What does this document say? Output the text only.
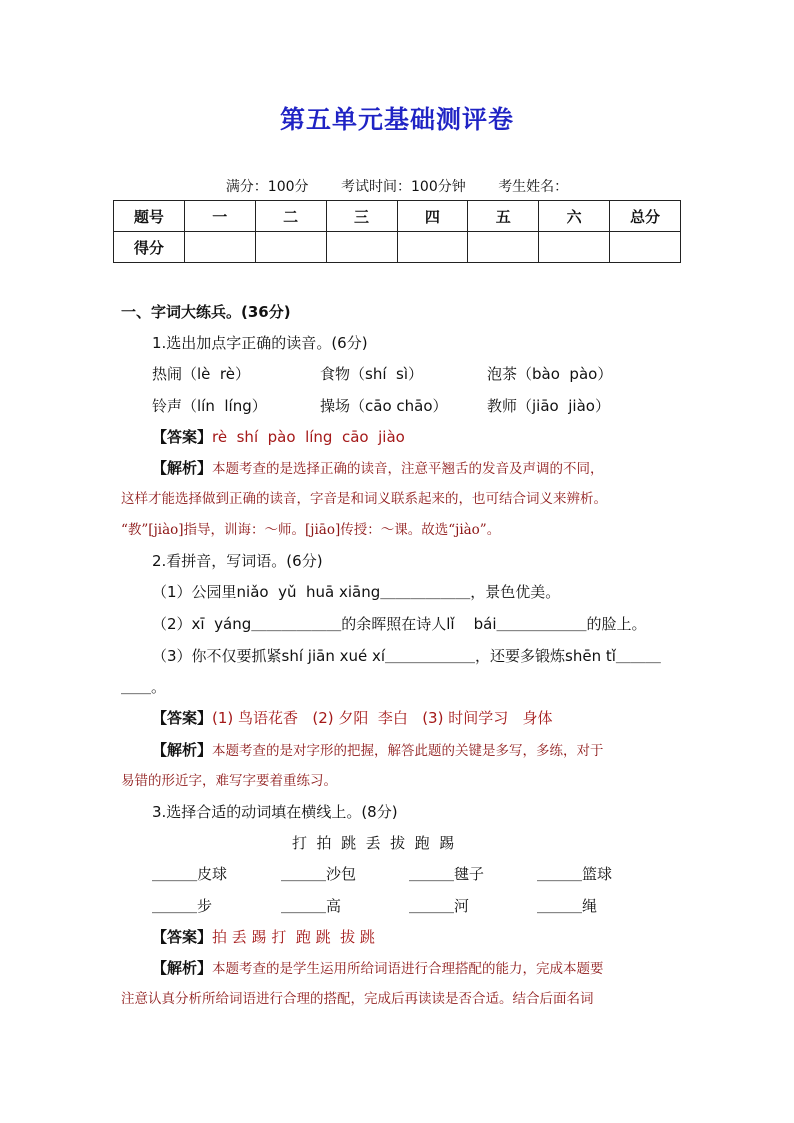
第五单元基础测评卷
满分：100分 考试时间：100分钟 考生姓名：
题号	一	二	三	四	五	六	总分
得分							
一、字词大练兵。(36分)
1.选出加点字正确的读音。(6分)
热闹（lè  rè）	食物（shí  sì）	泡茶（bào  pào）
铃声（lín  líng）	操场（cāo chāo）	教师（jiāo  jiào）
【答案】rè  shí  pào  líng  cāo  jiào
【解析】本题考查的是选择正确的读音，注意平翘舌的发音及声调的不同，
这样才能选择做到正确的读音，字音是和词义联系起来的，也可结合词义来辨析。
“教”[jiào]指导，训诲：～师。[jiāo]传授：～课。故选“jiào”。
2.看拼音，写词语。(6分)
（1）公园里niǎo  yǔ  huā xiāng＿＿＿＿＿＿，景色优美。
（2）xī  yáng＿＿＿＿＿＿的余晖照在诗人lǐ    bái＿＿＿＿＿＿的脸上。
（3）你不仅要抓紧shí jiān xué xí＿＿＿＿＿＿，还要多锻炼shēn tǐ＿＿＿
＿＿。
【答案】(1) 鸟语花香   (2) 夕阳  李白   (3) 时间学习   身体
【解析】本题考查的是对字形的把握，解答此题的关键是多写，多练，对于
易错的形近字，难写字要着重练习。
3.选择合适的动词填在横线上。(8分)
打  拍  跳  丢  拔  跑  踢
＿＿＿皮球	＿＿＿沙包	＿＿＿毽子	＿＿＿篮球
＿＿＿步	＿＿＿高	＿＿＿河	＿＿＿绳
【答案】拍 丢 踢 打  跑 跳  拔 跳
【解析】本题考查的是学生运用所给词语进行合理搭配的能力，完成本题要
注意认真分析所给词语进行合理的搭配，完成后再读读是否合适。结合后面名词
